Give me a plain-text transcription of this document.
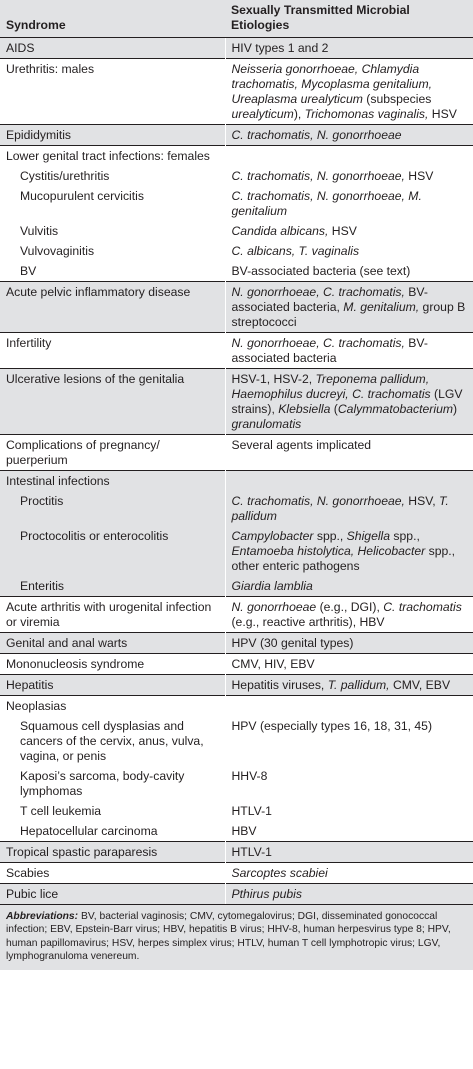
Syndrome	Sexually Transmitted Microbial Etiologies
AIDS	HIV types 1 and 2
Urethritis: males	Neisseria gonorrhoeae, Chlamydia trachomatis, Mycoplasma genitalium, Ureaplasma urealyticum (subspecies urealyticum), Trichomonas vaginalis, HSV
Epididymitis	C. trachomatis, N. gonorrhoeae
Lower genital tract infections: females	
Cystitis/urethritis	C. trachomatis, N. gonorrhoeae, HSV
Mucopurulent cervicitis	C. trachomatis, N. gonorrhoeae, M. genitalium
Vulvitis	Candida albicans, HSV
Vulvovaginitis	C. albicans, T. vaginalis
BV	BV-associated bacteria (see text)
Acute pelvic inflammatory disease	N. gonorrhoeae, C. trachomatis, BV-associated bacteria, M. genitalium, group B streptococci
Infertility	N. gonorrhoeae, C. trachomatis, BV-associated bacteria
Ulcerative lesions of the genitalia	HSV-1, HSV-2, Treponema pallidum, Haemophilus ducreyi, C. trachomatis (LGV strains), Klebsiella (Calymmatobacterium) granulomatis
Complications of pregnancy/ puerperium	Several agents implicated
Intestinal infections	
Proctitis	C. trachomatis, N. gonorrhoeae, HSV, T. pallidum
Proctocolitis or enterocolitis	Campylobacter spp., Shigella spp., Entamoeba histolytica, Helicobacter spp., other enteric pathogens
Enteritis	Giardia lamblia
Acute arthritis with urogenital infection or viremia	N. gonorrhoeae (e.g., DGI), C. trachomatis (e.g., reactive arthritis), HBV
Genital and anal warts	HPV (30 genital types)
Mononucleosis syndrome	CMV, HIV, EBV
Hepatitis	Hepatitis viruses, T. pallidum, CMV, EBV
Neoplasias	
Squamous cell dysplasias and cancers of the cervix, anus, vulva, vagina, or penis	HPV (especially types 16, 18, 31, 45)
Kaposi’s sarcoma, body-cavity lymphomas	HHV-8
T cell leukemia	HTLV-1
Hepatocellular carcinoma	HBV
Tropical spastic paraparesis	HTLV-1
Scabies	Sarcoptes scabiei
Pubic lice	Pthirus pubis
Abbreviations: BV, bacterial vaginosis; CMV, cytomegalovirus; DGI, disseminated gonococcal infection; EBV, Epstein-Barr virus; HBV, hepatitis B virus; HHV-8, human herpesvirus type 8; HPV, human papillomavirus; HSV, herpes simplex virus; HTLV, human T cell lymphotropic virus; LGV, lymphogranuloma venereum.
